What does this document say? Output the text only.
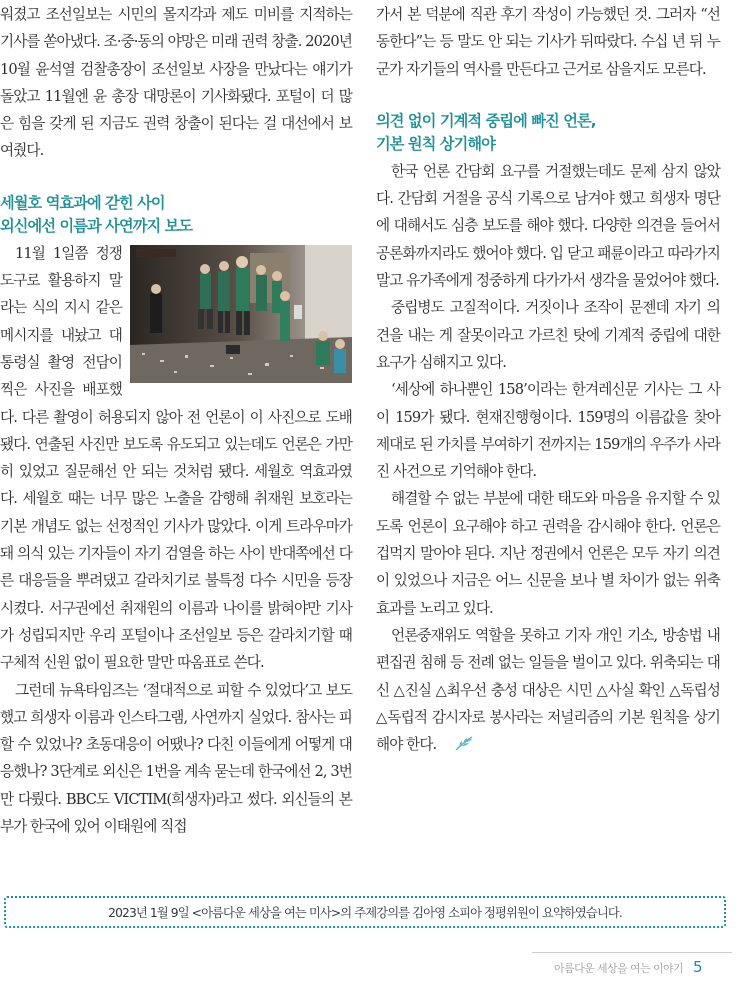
워졌고 조선일보는 시민의 몰지각과 제도 미비를 지적하는 기사를 쏟아냈다. 조·중·동의 야망은 미래 권력 창출. 2020년 10월 윤석열 검찰총장이 조선일보 사장을 만났다는 얘기가 돌았고 11월엔 윤 총장 대망론이 기사화됐다. 포털이 더 많은 힘을 갖게 된 지금도 권력 창출이 된다는 걸 대선에서 보여줬다.

세월호 역효과에 갇힌 사이
외신에선 이름과 사연까지 보도

11월 1일쯤 정쟁 도구로 활용하지 말라는 식의 지시 같은 메시지를 내놨고 대통령실 촬영 전담이 찍은 사진을 배포했다. 다른 촬영이 허용되지 않아 전 언론이 이 사진으로 도배됐다. 연출된 사진만 보도록 유도되고 있는데도 언론은 가만히 있었고 질문해선 안 되는 것처럼 됐다. 세월호 역효과였다. 세월호 때는 너무 많은 노출을 감행해 취재원 보호라는 기본 개념도 없는 선정적인 기사가 많았다. 이게 트라우마가 돼 의식 있는 기자들이 자기 검열을 하는 사이 반대쪽에선 다른 대응들을 뿌려댔고 갈라치기로 불특정 다수 시민을 등장시켰다. 서구권에선 취재원의 이름과 나이를 밝혀야만 기사가 성립되지만 우리 포털이나 조선일보 등은 갈라치기할 때 구체적 신원 없이 필요한 말만 따옴표로 쓴다.

그런데 뉴욕타임즈는 ‘절대적으로 피할 수 있었다’고 보도했고 희생자 이름과 인스타그램, 사연까지 실었다. 참사는 피할 수 있었나? 초동대응이 어땠나? 다친 이들에게 어떻게 대응했나? 3단계로 외신은 1번을 계속 묻는데 한국에선 2, 3번만 다뤘다. BBC도 VICTIM(희생자)라고 썼다. 외신들의 본부가 한국에 있어 이태원에 직접

가서 본 덕분에 직관 후기 작성이 가능했던 것. 그러자 “선동한다”는 등 말도 안 되는 기사가 뒤따랐다. 수십 년 뒤 누군가 자기들의 역사를 만든다고 근거로 삼을지도 모른다.

의견 없이 기계적 중립에 빠진 언론,
기본 원칙 상기해야

한국 언론 간담회 요구를 거절했는데도 문제 삼지 않았다. 간담회 거절을 공식 기록으로 남겨야 했고 희생자 명단에 대해서도 심층 보도를 해야 했다. 다양한 의견을 들어서 공론화까지라도 했어야 했다. 입 닫고 패륜이라고 따라가지 말고 유가족에게 정중하게 다가가서 생각을 물었어야 했다.

중립병도 고질적이다. 거짓이나 조작이 문젠데 자기 의견을 내는 게 잘못이라고 가르친 탓에 기계적 중립에 대한 요구가 심해지고 있다.

‘세상에 하나뿐인 158’이라는 한겨레신문 기사는 그 사이 159가 됐다. 현재진행형이다. 159명의 이름값을 찾아 제대로 된 가치를 부여하기 전까지는 159개의 우주가 사라진 사건으로 기억해야 한다.

해결할 수 없는 부분에 대한 태도와 마음을 유지할 수 있도록 언론이 요구해야 하고 권력을 감시해야 한다. 언론은 겁먹지 말아야 된다. 지난 정권에서 언론은 모두 자기 의견이 있었으나 지금은 어느 신문을 보나 별 차이가 없는 위축 효과를 노리고 있다.

언론중재위도 역할을 못하고 기자 개인 기소, 방송법 내 편집권 침해 등 전례 없는 일들을 벌이고 있다. 위축되는 대신 △진실 △최우선 충성 대상은 시민 △사실 확인 △독립성 △독립적 감시자로 봉사라는 저널리즘의 기본 원칙을 상기해야 한다.

2023년 1월 9일 <아름다운 세상을 여는 미사>의 주제강의를 김아영 소피아 정평위원이 요약하였습니다.
아름다운 세상을 여는 이야기 5
